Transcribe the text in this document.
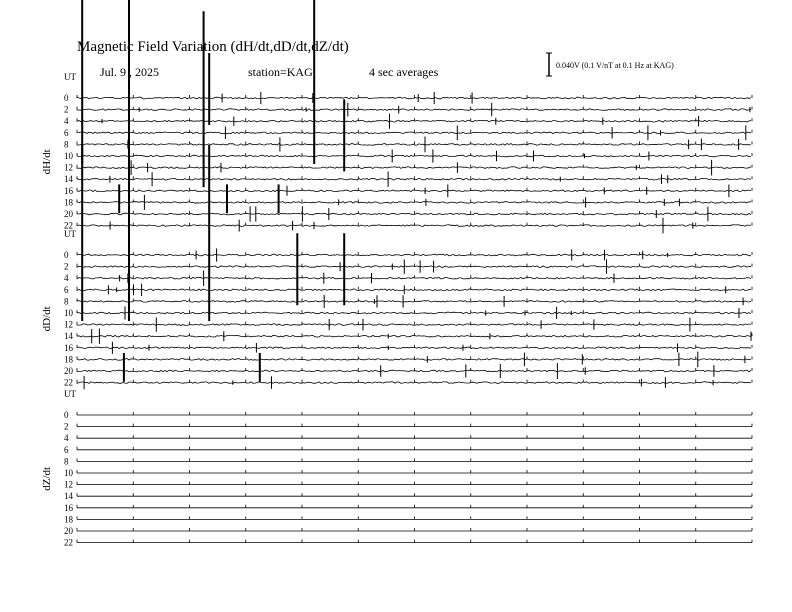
UT
0
2
4
6
8
10
12
14
16
18
20
22
dH/dt
UT
0
2
4
6
8
10
12
14
16
18
20
22
dD/dt
UT
0
2
4
6
8
10
12
14
16
18
20
22
dZ/dt
Magnetic Field Variation (dH/dt,dD/dt,dZ/dt)
Jul. 9 , 2025	station=KAG	4 sec averages	0.040V (0.1 V/nT at 0.1 Hz at KAG)
